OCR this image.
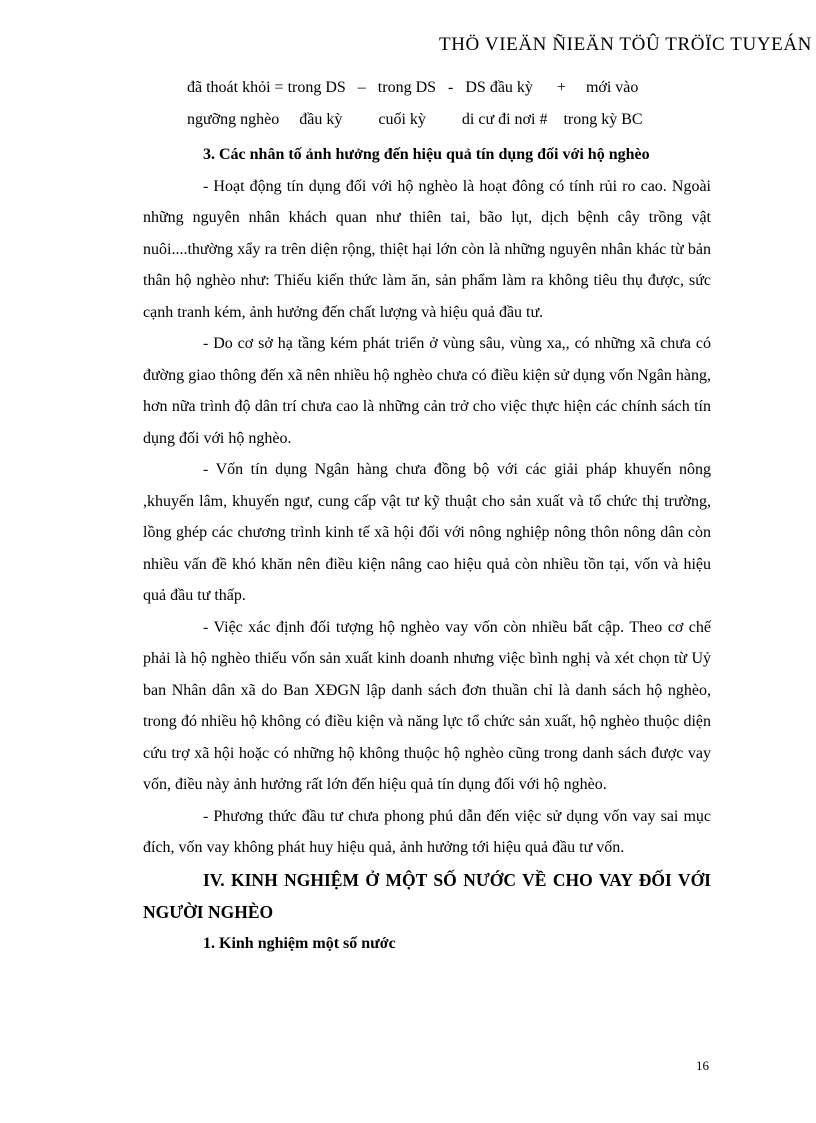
THÖ VIEÄN ÑIEÄN TÖÛ TRÖÏC TUYEÁN
đã thoát khỏi = trong DS – trong DS - DS đầu kỳ + mới vào
ngưỡng nghèo đầu kỳ cuối kỳ di cư đi nơi # trong kỳ BC

3. Các nhân tố ảnh hưởng đến hiệu quả tín dụng đối với hộ nghèo

- Hoạt động tín dụng đối với hộ nghèo là hoạt đông có tính rủi ro cao. Ngoài những nguyên nhân khách quan như thiên tai, bão lụt, dịch bệnh cây trồng vật nuôi....thường xẩy ra trên diện rộng, thiệt hại lớn còn là những nguyên nhân khác từ bản thân hộ nghèo như: Thiếu kiến thức làm ăn, sản phẩm làm ra không tiêu thụ được, sức cạnh tranh kém, ảnh hưởng đến chất lượng và hiệu quả đầu tư.

- Do cơ sở hạ tầng kém phát triển ở vùng sâu, vùng xa,, có những xã chưa có đường giao thông đến xã nên nhiều hộ nghèo chưa có điều kiện sử dụng vốn Ngân hàng, hơn nữa trình độ dân trí chưa cao là những cản trở cho việc thực hiện các chính sách tín dụng đối với hộ nghèo.

- Vốn tín dụng Ngân hàng chưa đồng bộ với các giải pháp khuyến nông ,khuyến lâm, khuyến ngư, cung cấp vật tư kỹ thuật cho sản xuất và tổ chức thị trường, lồng ghép các chương trình kinh tế xã hội đối với nông nghiệp nông thôn nông dân còn nhiều vấn đề khó khăn nên điều kiện nâng cao hiệu quả còn nhiều tồn tại, vốn và hiệu quả đầu tư thấp.

- Việc xác định đối tượng hộ nghèo vay vốn còn nhiều bất cập. Theo cơ chế phải là hộ nghèo thiếu vốn sản xuất kinh doanh nhưng việc bình nghị và xét chọn từ Uỷ ban Nhân dân xã do Ban XĐGN lập danh sách đơn thuần chỉ là danh sách hộ nghèo, trong đó nhiều hộ không có điều kiện và năng lực tổ chức sản xuất, hộ nghèo thuộc diện cứu trợ xã hội hoặc có những hộ không thuộc hộ nghèo cũng trong danh sách được vay vốn, điều này ảnh hưởng rất lớn đến hiệu quả tín dụng đối với hộ nghèo.

- Phương thức đầu tư chưa phong phú dẫn đến việc sử dụng vốn vay sai mục đích, vốn vay không phát huy hiệu quả, ảnh hưởng tới hiệu quả đầu tư vốn.

IV. KINH NGHIỆM Ở MỘT SỐ NƯỚC VỀ CHO VAY ĐỐI VỚI NGƯỜI NGHÈO

1. Kinh nghiệm một số nước

16
